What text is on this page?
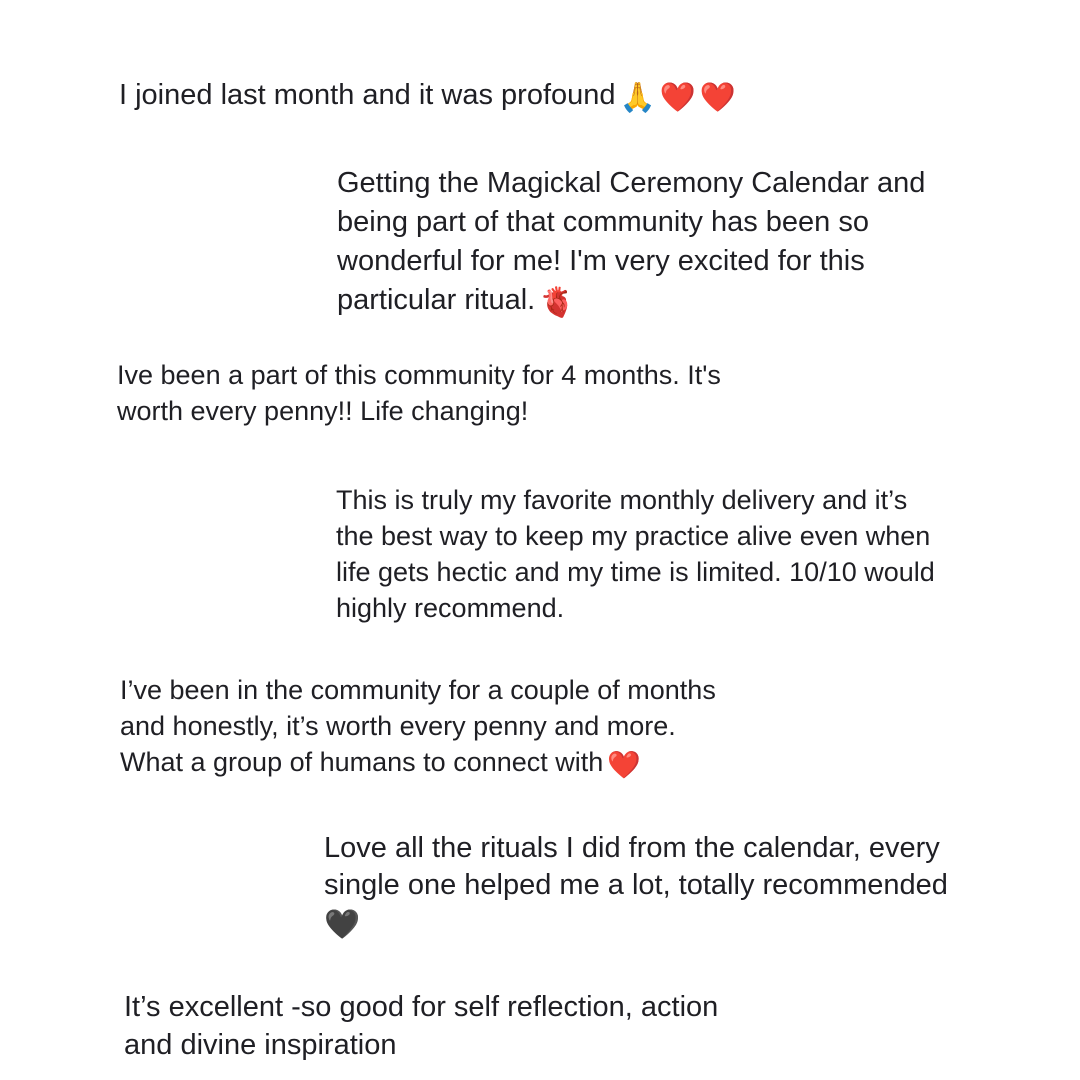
I joined last month and it was profound 🙏 ❤️ ❤️
Getting the Magickal Ceremony Calendar and
being part of that community has been so
wonderful for me! I'm very excited for this
particular ritual. 🫀
Ive been a part of this community for 4 months. It's
worth every penny!! Life changing!
This is truly my favorite monthly delivery and it’s
the best way to keep my practice alive even when
life gets hectic and my time is limited. 10/10 would
highly recommend.
I’ve been in the community for a couple of months
and honestly, it’s worth every penny and more.
What a group of humans to connect with ❤️
Love all the rituals I did from the calendar, every
single one helped me a lot, totally recommended
🖤
It’s excellent -so good for self reflection, action
and divine inspiration
